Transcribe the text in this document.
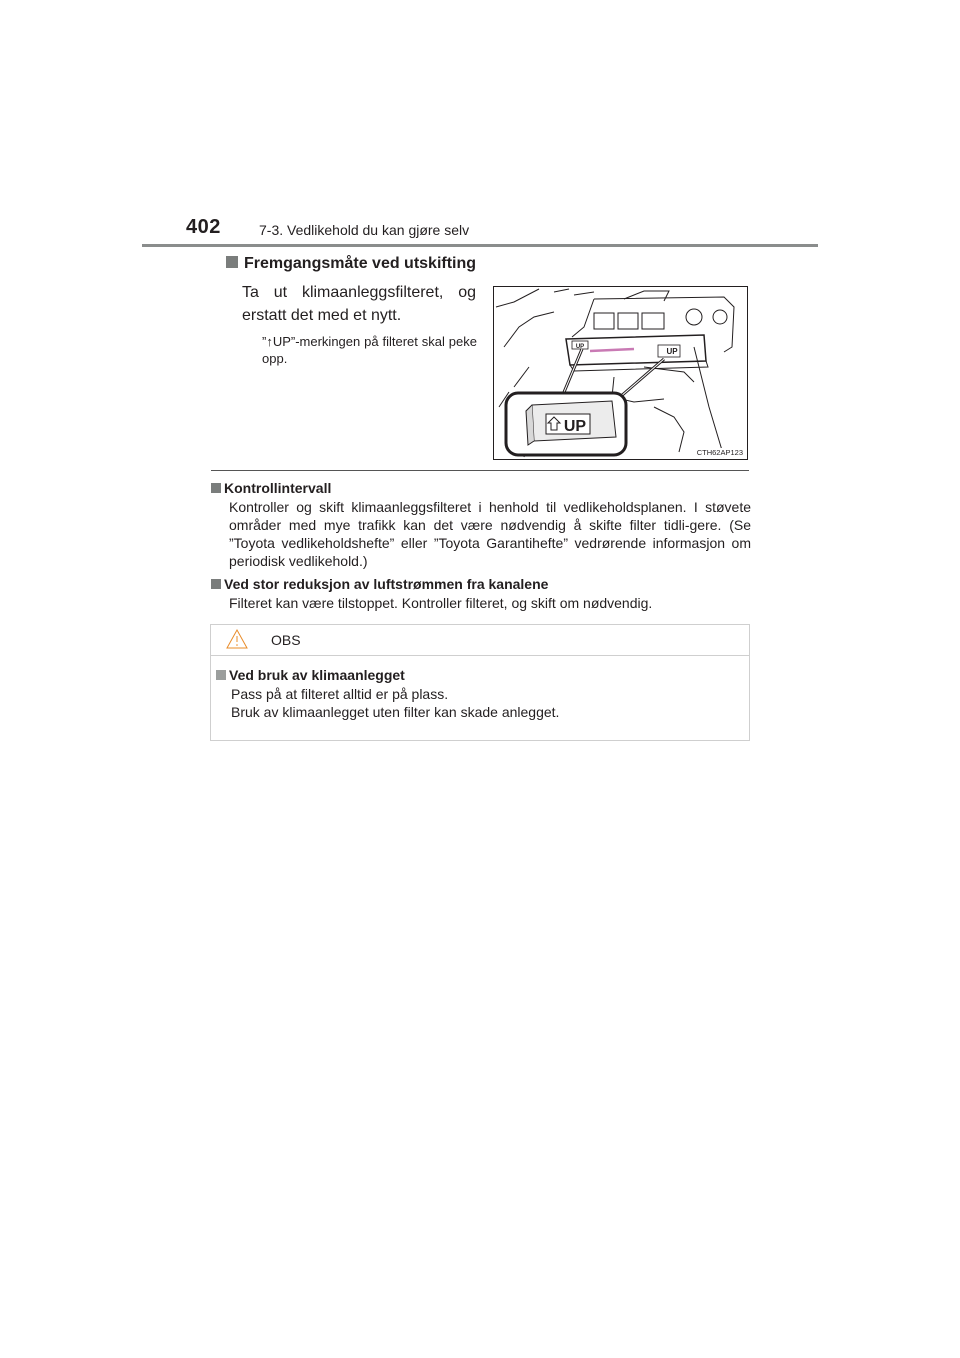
402	7-3. Vedlikehold du kan gjøre selv
Fremgangsmåte ved utskifting
Ta ut klimaanleggsfilteret, og erstatt det med et nytt.
”↑UP”-merkingen på filteret skal peke opp.
UP	UP
UP
CTH62AP123
Kontrollintervall
Kontroller og skift klimaanleggsfilteret i henhold til vedlikeholdsplanen. I støvete områder med mye trafikk kan det være nødvendig å skifte filter tidli-gere. (Se ”Toyota vedlikeholdshefte” eller ”Toyota Garantihefte” vedrørende informasjon om periodisk vedlikehold.)
Ved stor reduksjon av luftstrømmen fra kanalene
Filteret kan være tilstoppet. Kontroller filteret, og skift om nødvendig.
OBS
Ved bruk av klimaanlegget
Pass på at filteret alltid er på plass.
Bruk av klimaanlegget uten filter kan skade anlegget.
